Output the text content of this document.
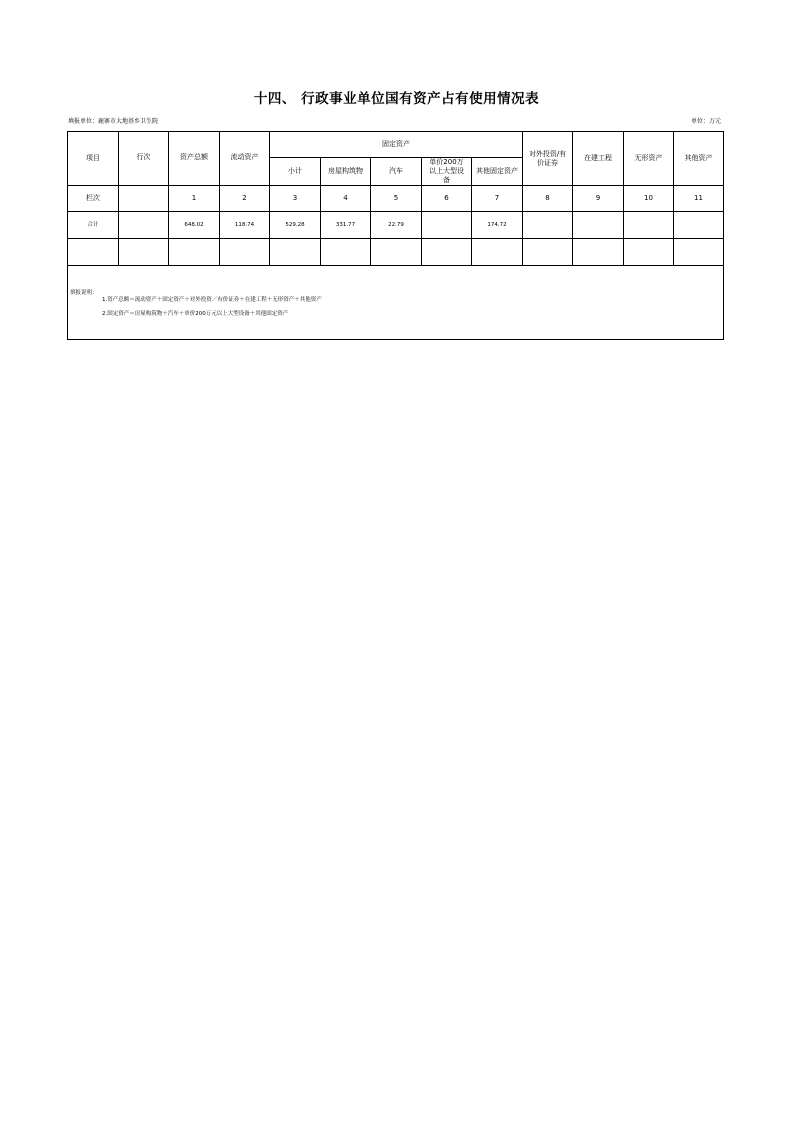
十四、 行政事业单位国有资产占有使用情况表
填报单位：鹿寨市大地基乡卫生院	单位：万元
项目	行次	资产总额	流动资产	固定资产					对外投资/有价证券	在建工程	无形资产	其他资产
				小计	房屋构筑物	汽车	单价200万以上大型设备	其他固定资产				
栏次		1	2	3	4	5	6	7	8	9	10	11
合计		648.02	118.74	529.28	331.77	22.79		174.72				

填报说明：
1.资产总额＝流动资产＋固定资产＋对外投资／有价证券＋在建工程＋无形资产＋其他资产
2.固定资产＝房屋构筑物＋汽车＋单价200万元以上大型设备＋其他固定资产												
